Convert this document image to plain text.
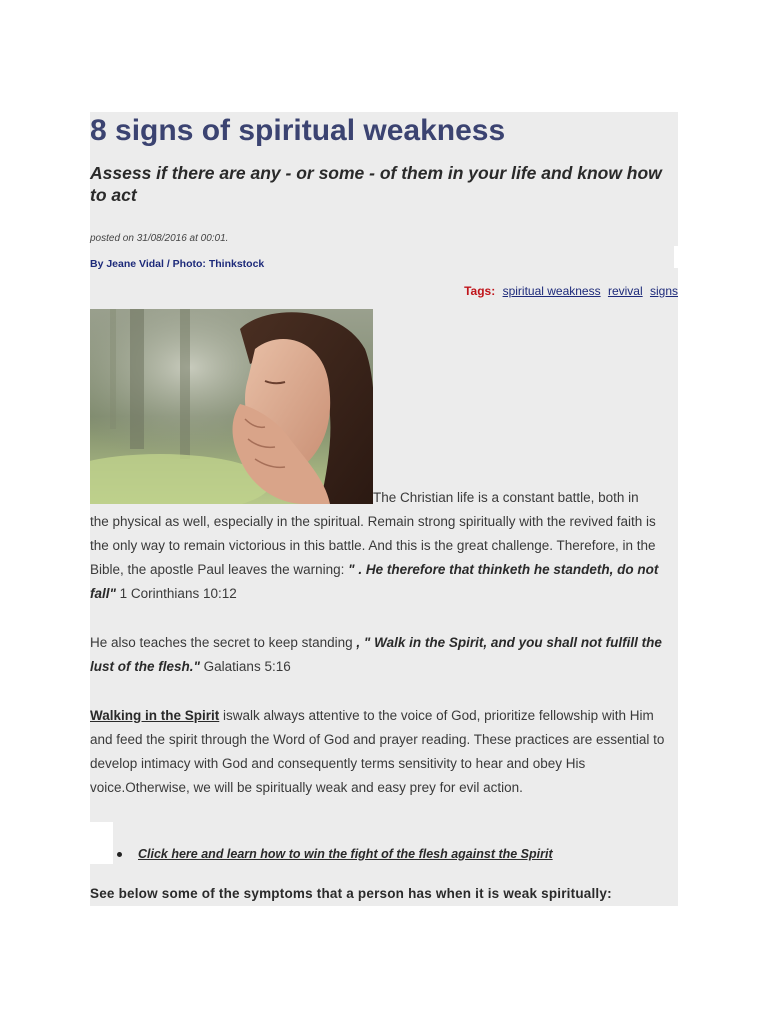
8 signs of spiritual weakness
Assess if there are any - or some - of them in your life and know how to act
posted on 31/08/2016 at 00:01.
By Jeane Vidal / Photo: Thinkstock
Tags: spiritual weakness revival signs
The Christian life is a constant battle, both in

the physical as well, especially in the spiritual. Remain strong spiritually with the revived faith is the only way to remain victorious in this battle. And this is the great challenge. Therefore, in the Bible, the apostle Paul leaves the warning: " . He therefore that thinketh he standeth, do not fall" 1 Corinthians 10:12

He also teaches the secret to keep standing , " Walk in the Spirit, and you shall not fulfill the lust of the flesh." Galatians 5:16

Walking in the Spirit iswalk always attentive to the voice of God, prioritize fellowship with Him and feed the spirit through the Word of God and prayer reading. These practices are essential to develop intimacy with God and consequently terms sensitivity to hear and obey His voice.Otherwise, we will be spiritually weak and easy prey for evil action.

Click here and learn how to win the fight of the flesh against the Spirit
See below some of the symptoms that a person has when it is weak spiritually:
